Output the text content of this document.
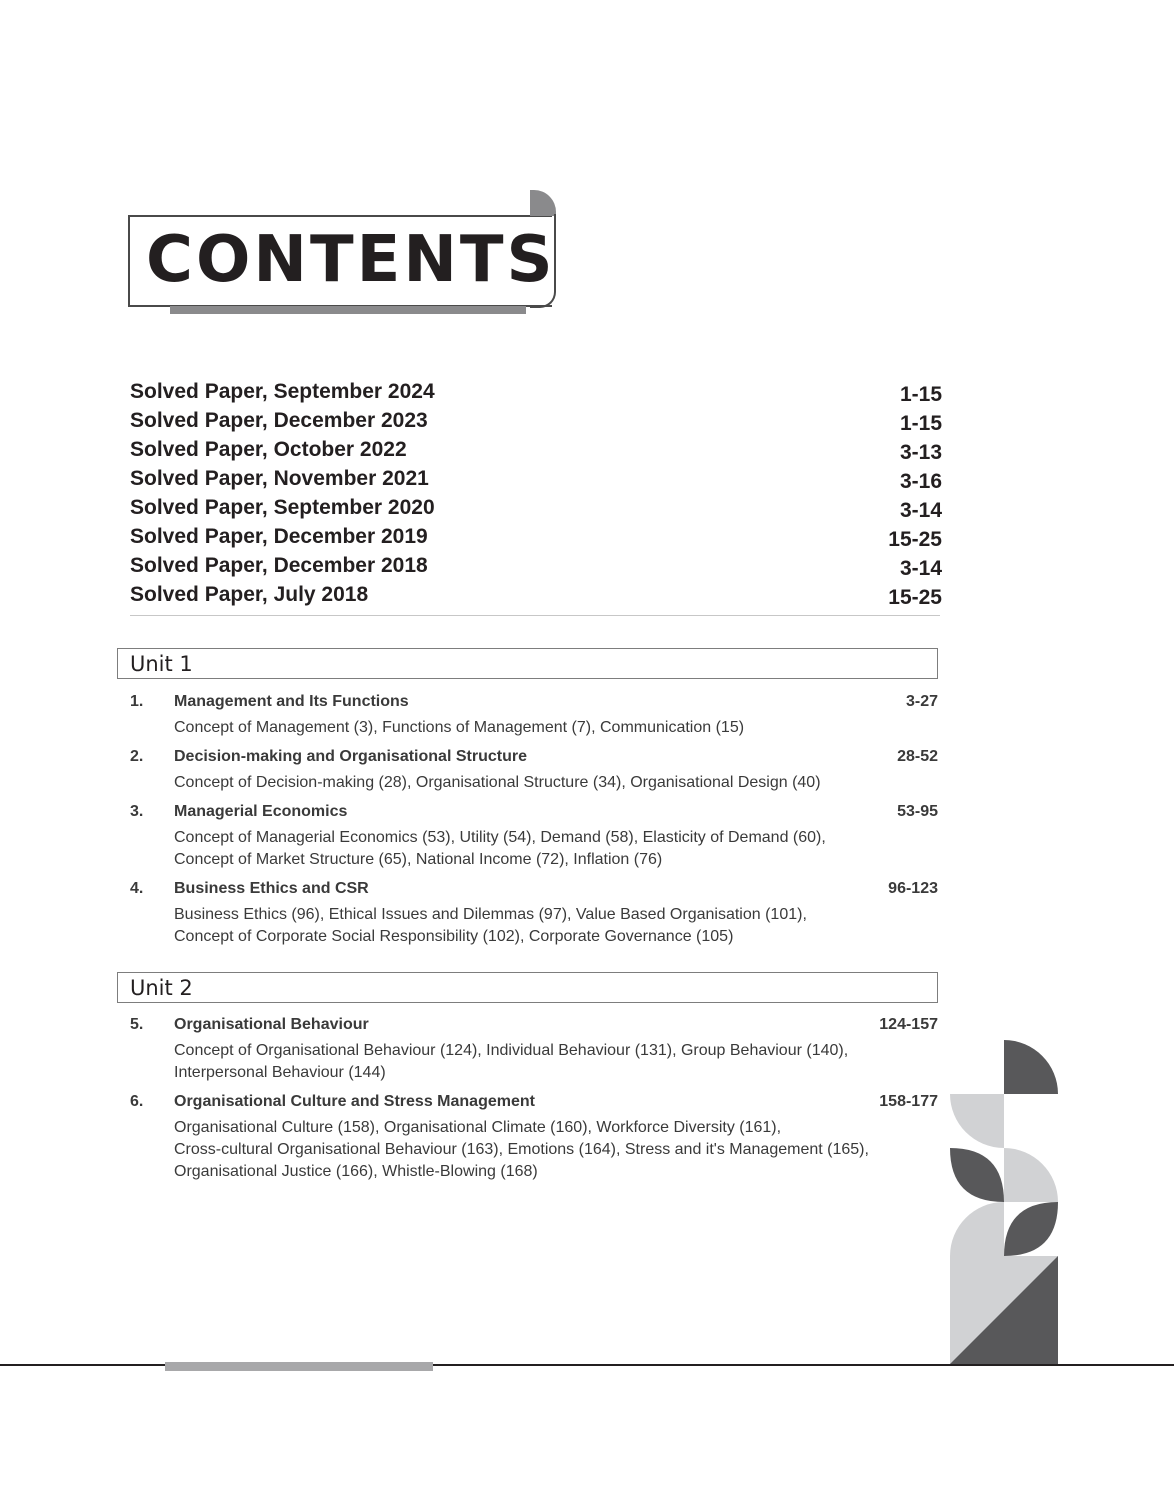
CONTENTS
Solved Paper, September 2024	1-15
Solved Paper, December 2023	1-15
Solved Paper, October 2022	3-13
Solved Paper, November 2021	3-16
Solved Paper, September 2020	3-14
Solved Paper, December 2019	15-25
Solved Paper, December 2018	3-14
Solved Paper, July 2018	15-25
Unit 1
1. Management and Its Functions	3-27
Concept of Management (3), Functions of Management (7), Communication (15)
2. Decision-making and Organisational Structure	28-52
Concept of Decision-making (28), Organisational Structure (34), Organisational Design (40)
3. Managerial Economics	53-95
Concept of Managerial Economics (53), Utility (54), Demand (58), Elasticity of Demand (60),
Concept of Market Structure (65), National Income (72), Inflation (76)
4. Business Ethics and CSR	96-123
Business Ethics (96), Ethical Issues and Dilemmas (97), Value Based Organisation (101),
Concept of Corporate Social Responsibility (102), Corporate Governance (105)
Unit 2
5. Organisational Behaviour	124-157
Concept of Organisational Behaviour (124), Individual Behaviour (131), Group Behaviour (140),
Interpersonal Behaviour (144)
6. Organisational Culture and Stress Management	158-177
Organisational Culture (158), Organisational Climate (160), Workforce Diversity (161),
Cross-cultural Organisational Behaviour (163), Emotions (164), Stress and it's Management (165),
Organisational Justice (166), Whistle-Blowing (168)
